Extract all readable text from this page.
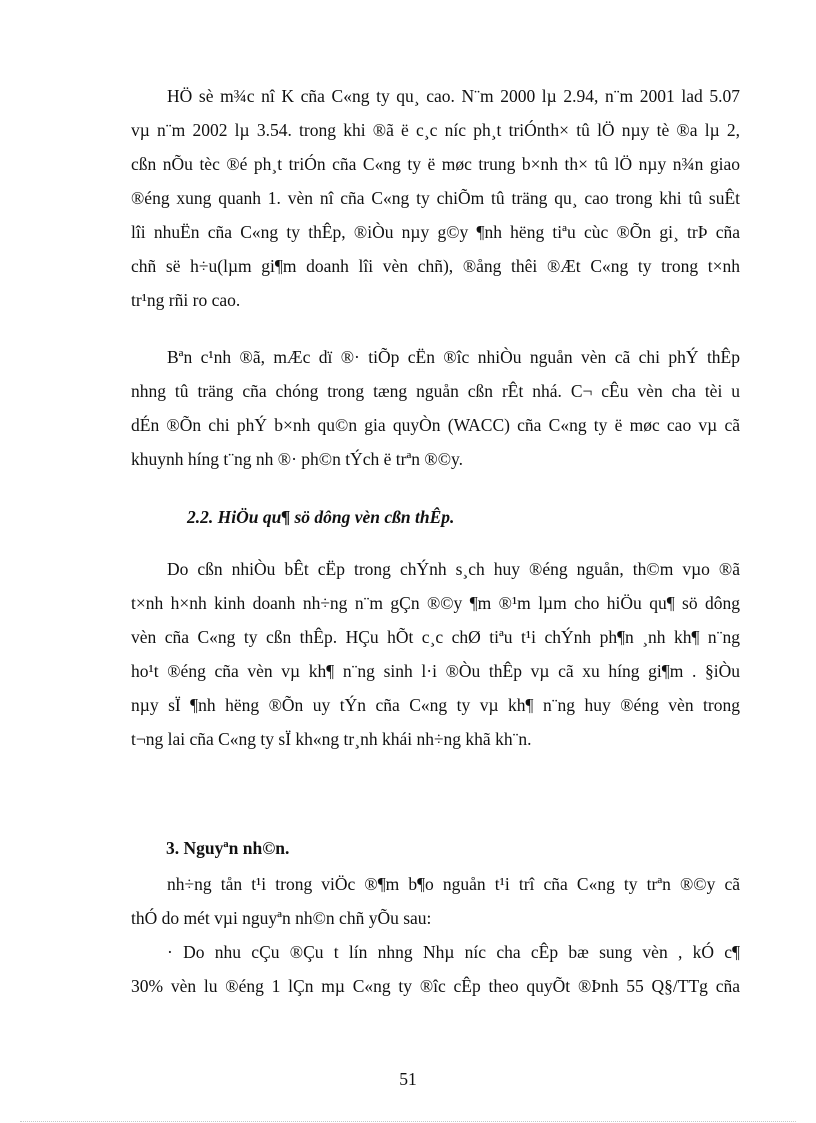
HÖ sè m¾c nî K cña C«ng ty qu¸ cao. N¨m 2000 lµ 2.94, n¨m 2001 lad 5.07
vµ n¨m 2002 lµ 3.54. trong khi ®ã ë c¸c níc ph¸t triÓnth× tû lÖ nµy tè ®a lµ 2,
cßn nÕu tèc ®é ph¸t triÓn cña C«ng ty ë møc trung b×nh th× tû lÖ nµy n¾n giao
®éng xung quanh 1. vèn nî cña C«ng ty chiÕm tû träng qu¸ cao trong khi tû suÊt
lîi nhuËn cña C«ng ty thÊp, ®iÒu nµy g©y ¶nh hëng tiªu cùc ®Õn gi¸ trÞ cña
chñ së h÷u(lµm gi¶m doanh lîi vèn chñ), ®ång thêi ®Æt C«ng ty trong t×nh
tr¹ng rñi ro cao.
Bªn c¹nh ®ã, mÆc dï ®· tiÕp cËn ®îc nhiÒu nguån vèn cã chi phÝ thÊp
nhng tû träng cña chóng trong tæng nguån cßn rÊt nhá. C¬ cÊu vèn cha tèi u
dÉn ®Õn chi phÝ b×nh qu©n gia quyÒn (WACC) cña C«ng ty ë møc cao vµ cã
khuynh híng t¨ng nh ®· ph©n tÝch ë trªn ®©y.
2.2. HiÖu qu¶ sö dông vèn cßn thÊp.
Do cßn nhiÒu bÊt cËp trong chÝnh s¸ch huy ®éng nguån, th©m vµo ®ã
t×nh h×nh kinh doanh nh÷ng n¨m gÇn ®©y ¶m ®¹m lµm cho hiÖu qu¶ sö dông
vèn cña C«ng ty cßn thÊp. HÇu hÕt c¸c chØ tiªu t¹i chÝnh ph¶n ¸nh kh¶ n¨ng
ho¹t ®éng cña vèn vµ kh¶ n¨ng sinh l·i ®Òu thÊp vµ cã xu híng gi¶m . §iÒu
nµy sÏ ¶nh hëng ®Õn uy tÝn cña C«ng ty vµ kh¶ n¨ng huy ®éng vèn trong
t¬ng lai cña C«ng ty sÏ kh«ng tr¸nh khái nh÷ng khã kh¨n.
3. Nguyªn nh©n.
nh÷ng tån t¹i trong viÖc ®¶m b¶o nguån t¹i trî cña C«ng ty trªn ®©y cã
thÓ do mét vµi nguyªn nh©n chñ yÕu sau:
· Do nhu cÇu ®Çu t lín nhng Nhµ níc cha cÊp bæ sung vèn , kÓ c¶
30% vèn lu ®éng 1 lÇn mµ C«ng ty ®îc cÊp theo quyÕt ®Þnh 55 Q§/TTg cña
51
